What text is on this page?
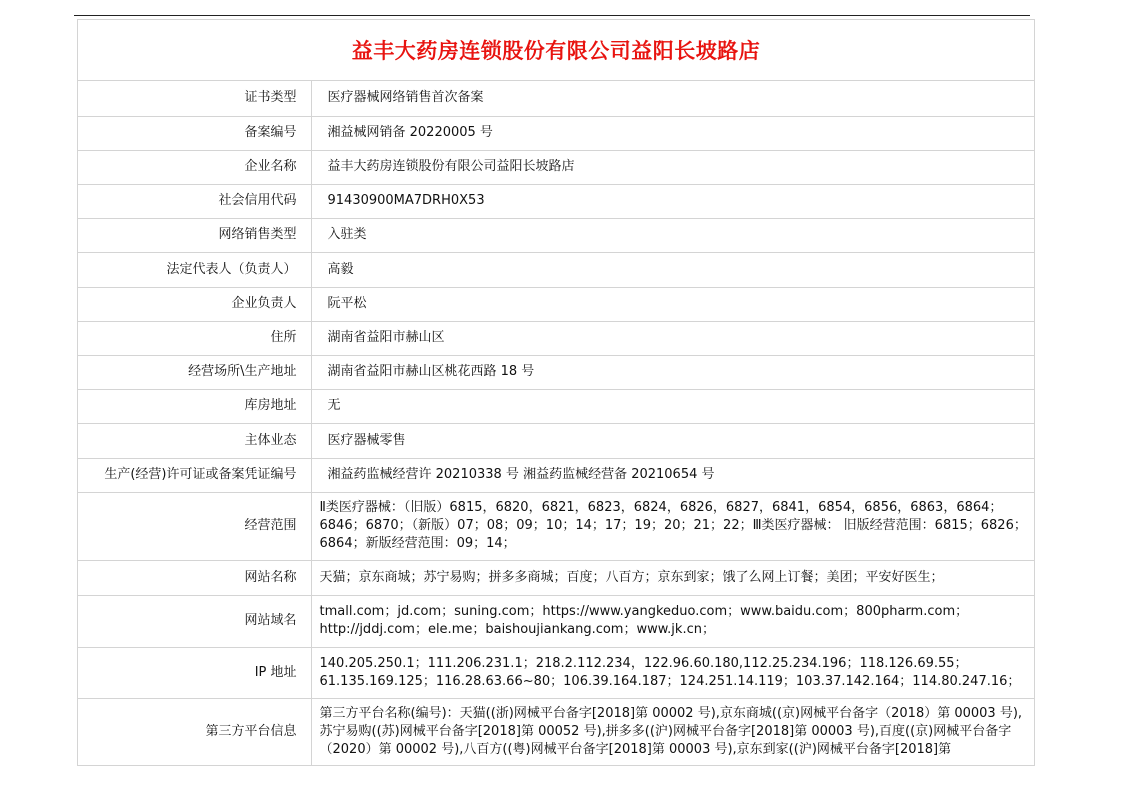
益丰大药房连锁股份有限公司益阳长坡路店
证书类型	医疗器械网络销售首次备案
备案编号	湘益械网销备 20220005 号
企业名称	益丰大药房连锁股份有限公司益阳长坡路店
社会信用代码	91430900MA7DRH0X53
网络销售类型	入驻类
法定代表人（负责人）	高毅
企业负责人	阮平松
住所	湖南省益阳市赫山区
经营场所\生产地址	湖南省益阳市赫山区桃花西路 18 号
库房地址	无
主体业态	医疗器械零售
生产(经营)许可证或备案凭证编号	湘益药监械经营许 20210338 号 湘益药监械经营备 20210654 号
经营范围	Ⅱ类医疗器械：（旧版）6815，6820，6821，6823，6824，6826，6827，6841，6854，6856，6863，6864；6846；6870；（新版）07；08；09；10；14；17；19；20；21；22；Ⅲ类医疗器械： 旧版经营范围：6815；6826；6864；新版经营范围：09；14；
网站名称	天猫；京东商城；苏宁易购；拼多多商城；百度；八百方；京东到家；饿了么网上订餐；美团；平安好医生；
网站域名	tmall.com；jd.com；suning.com；https://www.yangkeduo.com；www.baidu.com；800pharm.com；http://jddj.com；ele.me；baishoujiankang.com；www.jk.cn；
IP 地址	140.205.250.1；111.206.231.1；218.2.112.234，122.96.60.180,112.25.234.196；118.126.69.55；61.135.169.125；116.28.63.66~80；106.39.164.187；124.251.14.119；103.37.142.164；114.80.247.16；
第三方平台信息	第三方平台名称(编号)：天猫((浙)网械平台备字[2018]第 00002 号),京东商城((京)网械平台备字（2018）第 00003 号),苏宁易购((苏)网械平台备字[2018]第 00052 号),拼多多((沪)网械平台备字[2018]第 00003 号),百度((京)网械平台备字（2020）第 00002 号),八百方((粤)网械平台备字[2018]第 00003 号),京东到家((沪)网械平台备字[2018]第
